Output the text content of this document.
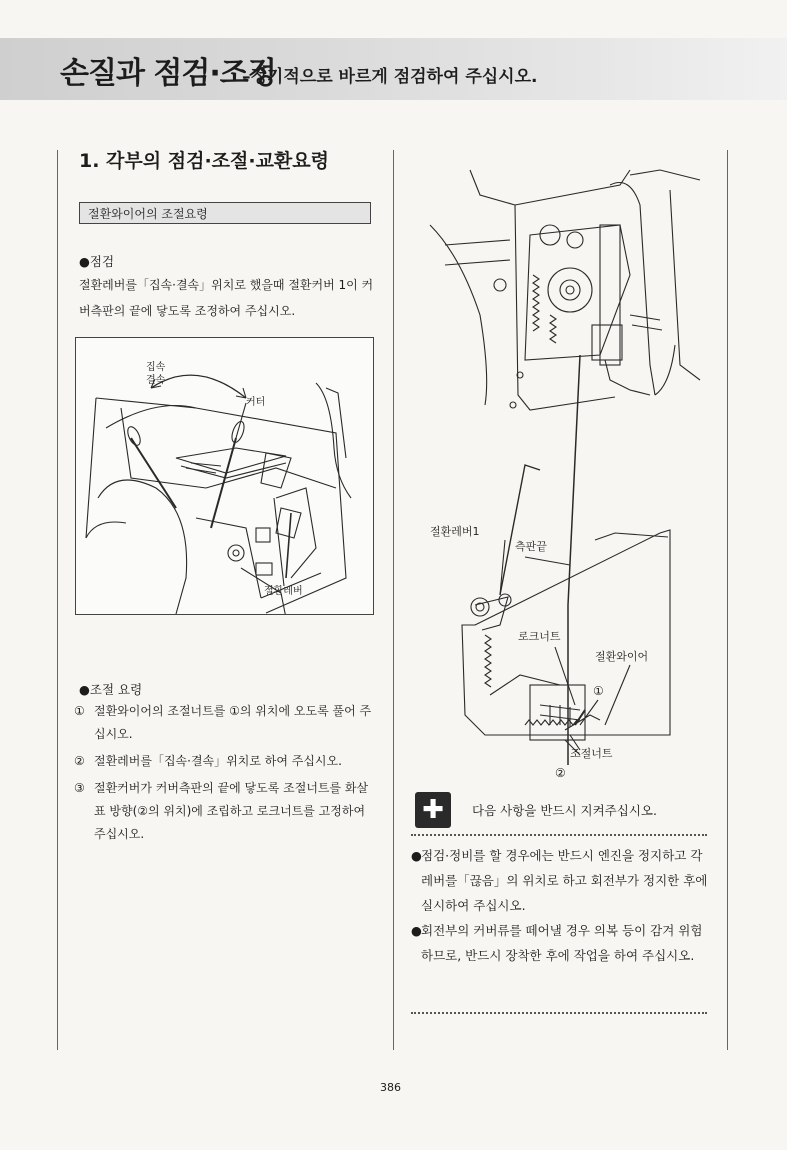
손질과 점검·조정
–정기적으로 바르게 점검하여 주십시오.
1. 각부의 점검·조절·교환요령
절환와이어의 조절요령
●점검
절환레버를「집속·결속」위치로 했을때 절환커버 1이 커버측판의 끝에 닿도록 조정하여 주십시오.
집속
결속
커터
절환레버
●조절 요령
① 절환와이어의 조절너트를 ①의 위치에 오도록 풀어 주십시오.
② 절환레버를「집속·결속」위치로 하여 주십시오.
③ 절환커버가 커버측판의 끝에 닿도록 조절너트를 화살표 방향(②의 위치)에 조립하고 로크너트를 고정하여 주십시오.
절환레버1
측판끝
로크너트
절환와이어
조절너트
①
②
✚	다음 사항을 반드시 지켜주십시오.
● 점검·정비를 할 경우에는 반드시 엔진을 정지하고 각 레버를「끊음」의 위치로 하고 회전부가 정지한 후에 실시하여 주십시오.
● 회전부의 커버류를 떼어낼 경우 의복 등이 감겨 위험하므로, 반드시 장착한 후에 작업을 하여 주십시오.
386
